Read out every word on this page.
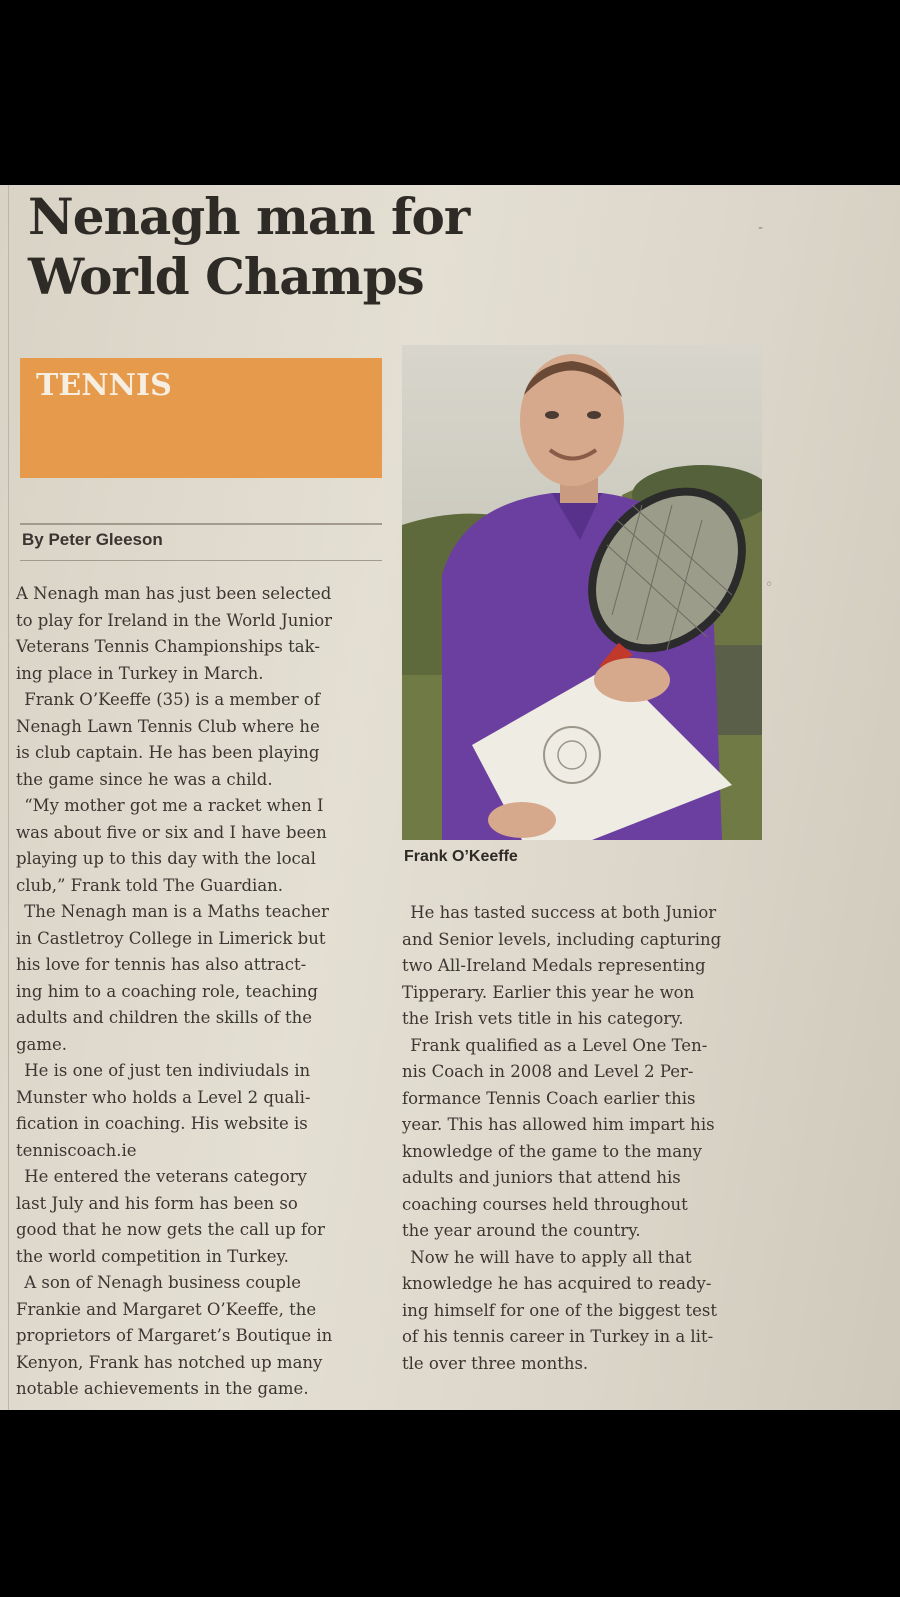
Nenagh man for
World Champs
TENNIS
By Peter Gleeson
A Nenagh man has just been selected
to play for Ireland in the World Junior
Veterans Tennis Championships tak-
ing place in Turkey in March.
 Frank O’Keeffe (35) is a member of
Nenagh Lawn Tennis Club where he
is club captain. He has been playing
the game since he was a child.
 “My mother got me a racket when I
was about five or six and I have been
playing up to this day with the local
club,” Frank told The Guardian.
 The Nenagh man is a Maths teacher
in Castletroy College in Limerick but
his love for tennis has also attract-
ing him to a coaching role, teaching
adults and children the skills of the
game.
 He is one of just ten indiviudals in
Munster who holds a Level 2 quali-
fication in coaching. His website is
tenniscoach.ie
 He entered the veterans category
last July and his form has been so
good that he now gets the call up for
the world competition in Turkey.
 A son of Nenagh business couple
Frankie and Margaret O’Keeffe, the
proprietors of Margaret’s Boutique in
Kenyon, Frank has notched up many
notable achievements in the game.
Frank O’Keeffe
 He has tasted success at both Junior
and Senior levels, including capturing
two All-Ireland Medals representing
Tipperary. Earlier this year he won
the Irish vets title in his category.
 Frank qualified as a Level One Ten-
nis Coach in 2008 and Level 2 Per-
formance Tennis Coach earlier this
year. This has allowed him impart his
knowledge of the game to the many
adults and juniors that attend his
coaching courses held throughout
the year around the country.
 Now he will have to apply all that
knowledge he has acquired to ready-
ing himself for one of the biggest test
of his tennis career in Turkey in a lit-
tle over three months.
◦
-
